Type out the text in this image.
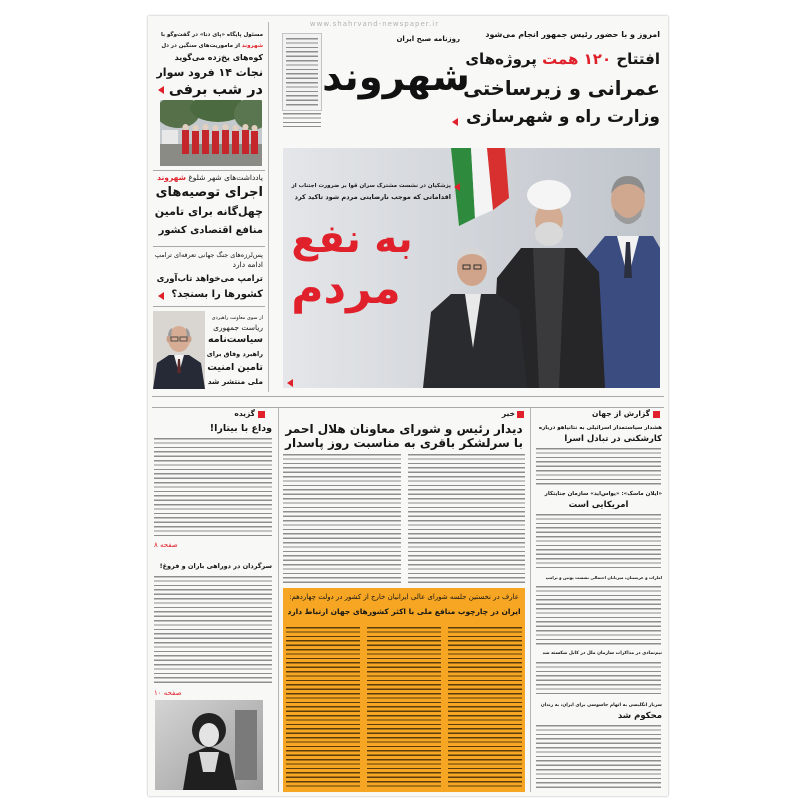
www.shahrvand-newspaper.ir
شهروند
روزنامه صبح ایران	امروز و با حضور رئیس جمهور انجام می‌شود
افتتاح ۱۲۰ همت پروژه‌های
عمرانی و زیرساختی
وزارت راه و شهرسازی
مسئول پایگاه «پای دنا» در گفت‌وگو با
شهروند از ماموریت‌های سنگین در دل
کوه‌های یخ‌زده می‌گوید
نجات ۱۴ فرود سوار
در شب برفی
یادداشت‌های شهر شلوغ شهروند
اجرای توصیه‌های
چهل‌گانه برای تامین
منافع اقتصادی کشور
پس‌لرزه‌های جنگ جهانی تعرفه‌ای ترامپ
ادامه دارد
ترامپ می‌خواهد تاب‌آوری
کشورها را بسنجد؟
از سوی معاونت راهبردی
ریاست جمهوری
سیاست‌نامه
راهبرد وفاق برای
تامین امنیت
ملی منتشر شد
پزشکیان در نشست مشترک سران قوا بر ضرورت اجتناب از
اقداماتی که موجب نارضایتی مردم شود تاکید کرد
به نفع
مردم
گزارش از جهان
هشدار سیاستمدار اسرائیلی به نتانیاهو درباره
کارشکنی در تبادل اسرا
«ایلان ماسک»: «یواس‌اید» سازمان جنایتکار
آمریکایی است
امارات و عربستان، میزبانان احتمالی نشست پوتین و ترامپ
نیم‌نمادی در مذاکرات سازمان ملل در کابل شکسته شد
سرباز انگلیسی به اتهام جاسوسی برای ایران، به زندان
محکوم شد
خبر
دیدار رئیس و شورای معاونان هلال احمر
با سرلشکر باقری به مناسبت روز پاسدار
عارف در نخستین جلسه شورای عالی ایرانیان خارج از کشور در دولت چهاردهم:
ایران در چارچوب منافع ملی با اکثر کشورهای جهان ارتباط دارد
گزیده
وداع با بیتارا!
صفحه ۸
سرگردان در دوراهی باران و فروغ!
صفحه ۱۰
